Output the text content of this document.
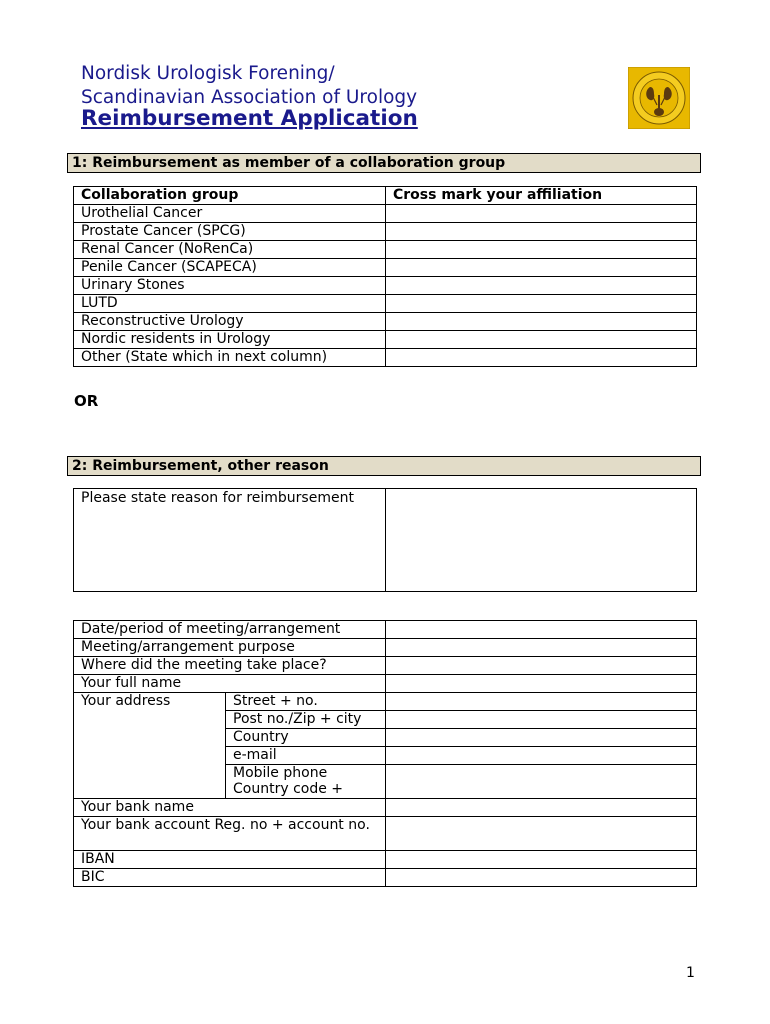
Nordisk Urologisk Forening/
Scandinavian Association of Urology
Reimbursement Application
1: Reimbursement as member of a collaboration group
Collaboration group	Cross mark your affiliation
Urothelial Cancer	
Prostate Cancer (SPCG)	
Renal Cancer (NoRenCa)	
Penile Cancer (SCAPECA)	
Urinary Stones	
LUTD	
Reconstructive Urology	
Nordic residents in Urology	
Other (State which in next column)	
OR
2: Reimbursement, other reason
Please state reason for reimbursement	
Date/period of meeting/arrangement		
Meeting/arrangement purpose		
Where did the meeting take place?		
Your full name		
Your address	Street + no.	
	Post no./Zip + city	
	Country	
	e-mail	
	Mobile phone
Country code +	
Your bank name		
Your bank account Reg. no + account no.		
IBAN		
BIC		
1
